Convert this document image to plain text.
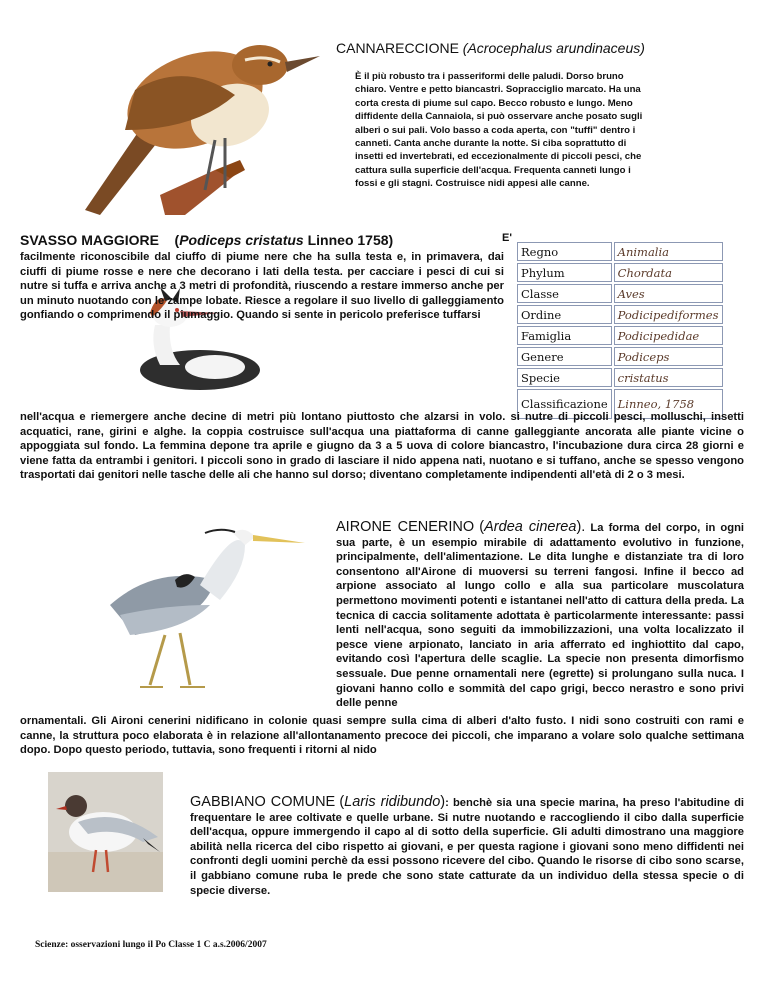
CANNARECCIONE (Acrocephalus arundinaceus)
È il più robusto tra i passeriformi delle paludi. Dorso bruno chiaro. Ventre e petto biancastri. Sopracciglio marcato. Ha una corta cresta di piume sul capo. Becco robusto e lungo. Meno diffidente della Cannaiola, si può osservare anche posato sugli alberi o sui pali. Volo basso a coda aperta, con "tuffi" dentro i canneti. Canta anche durante la notte. Si ciba soprattutto di insetti ed invertebrati, ed eccezionalmente di piccoli pesci, che cattura sulla superficie dell'acqua. Frequenta canneti lungo i fossi e gli stagni. Costruisce nidi appesi alle canne.
SVASSO MAGGIORE (Podiceps cristatus Linneo 1758)	E'
facilmente riconoscibile dal ciuffo di piume nere che ha sulla testa e, in primavera, dai ciuffi di piume rosse e nere che decorano i lati della testa. per cacciare i pesci di cui si nutre si tuffa e arriva anche a 3 metri di profondità, riuscendo a restare immerso anche per un minuto nuotando con le zampe lobate. Riesce a regolare il suo livello di galleggiamento gonfiando o comprimendo il piumaggio. Quando si sente in pericolo preferisce tuffarsi
Regno	Animalia
Phylum	Chordata
Classe	Aves
Ordine	Podicipediformes
Famiglia	Podicipedidae
Genere	Podiceps
Specie	cristatus
Classificazione	Linneo, 1758
nell'acqua e riemergere anche decine di metri più lontano piuttosto che alzarsi in volo. si nutre di piccoli pesci, molluschi, insetti acquatici, rane, girini e alghe. la coppia costruisce sull'acqua una piattaforma di canne galleggiante ancorata alle piante vicine o appoggiata sul fondo. La femmina depone tra aprile e giugno da 3 a 5 uova di colore biancastro, l'incubazione dura circa 28 giorni e viene fatta da entrambi i genitori. I piccoli sono in grado di lasciare il nido appena nati, nuotano e si tuffano, anche se spesso vengono trasportati dai genitori nelle tasche delle ali che hanno sul dorso; diventano completamente indipendenti all'età di 2 o 3 mesi.
AIRONE CENERINO (Ardea cinerea). La forma del corpo, in ogni sua parte, è un esempio mirabile di adattamento evolutivo in funzione, principalmente, dell'alimentazione. Le dita lunghe e distanziate tra di loro consentono all'Airone di muoversi su terreni fangosi. Infine il becco ad arpione associato al lungo collo e alla sua particolare muscolatura permettono movimenti potenti e istantanei nell'atto di cattura della preda. La tecnica di caccia solitamente adottata è particolarmente interessante: passi lenti nell'acqua, sono seguiti da immobilizzazioni, una volta localizzato il pesce viene arpionato, lanciato in aria afferrato ed inghiottito dal capo, evitando così l'apertura delle scaglie. La specie non presenta dimorfismo sessuale. Due penne ornamentali nere (egrette) si prolungano sulla nuca. I giovani hanno collo e sommità del capo grigi, becco nerastro e sono privi delle penne
ornamentali. Gli Aironi cenerini nidificano in colonie quasi sempre sulla cima di alberi d'alto fusto. I nidi sono costruiti con rami e canne, la struttura poco elaborata è in relazione all'allontanamento precoce dei piccoli, che imparano a volare solo qualche settimana dopo. Dopo questo periodo, tuttavia, sono frequenti i ritorni al nido
GABBIANO COMUNE (Laris ridibundo): benchè sia una specie marina, ha preso l'abitudine di frequentare le aree coltivate e quelle urbane. Si nutre nuotando e raccogliendo il cibo dalla superficie dell'acqua, oppure immergendo il capo al di sotto della superficie. Gli adulti dimostrano una maggiore abilità nella ricerca del cibo rispetto ai giovani, e per questa ragione i giovani sono meno diffidenti nei confronti degli uomini perchè da essi possono ricevere del cibo. Quando le risorse di cibo sono scarse, il gabbiano comune ruba le prede che sono state catturate da un individuo della stessa specie o di specie diverse.
Scienze: osservazioni lungo il Po Classe 1 C a.s.2006/2007
